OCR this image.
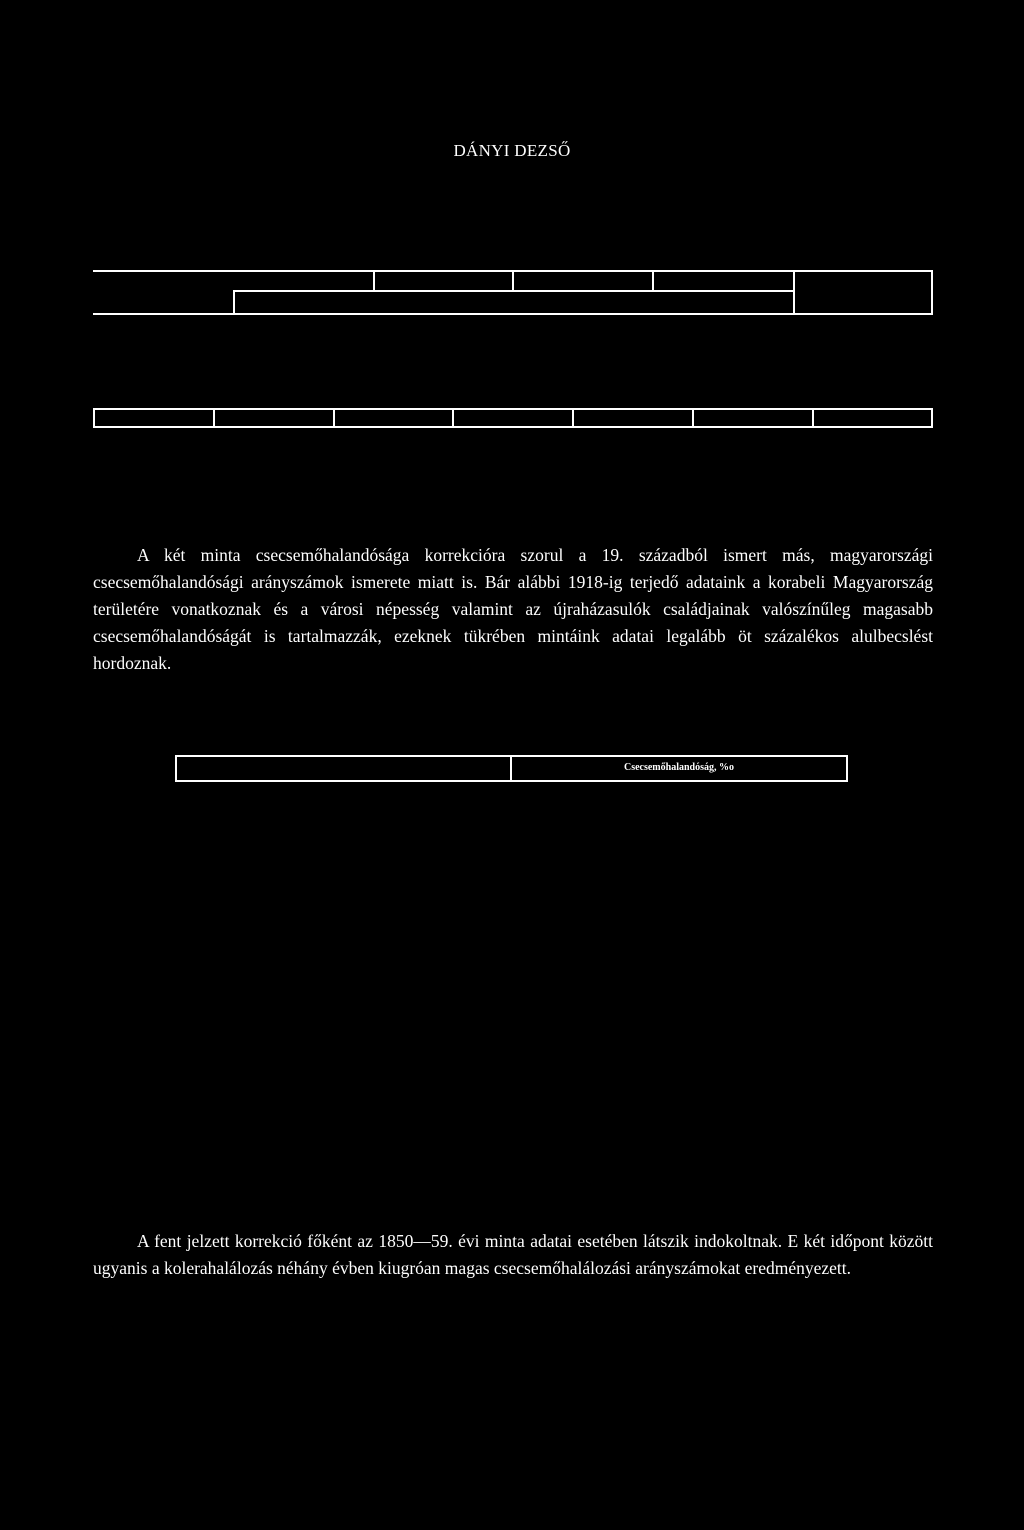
DÁNYI DEZSŐ

A két minta csecsemőhalandósága korrekcióra szorul a 19. századból ismert más, magyarországi csecsemőhalandósági arányszámok ismerete miatt is. Bár alábbi 1918-ig terjedő adataink a korabeli Magyarország területére vonatkoznak és a városi népesség valamint az újraházasulók családjainak valószínűleg magasabb csecsemőhalandóságát is tartalmazzák, ezeknek tükrében mintáink adatai legalább öt százalékos alulbecslést hordoznak.

Csecsemőhalandóság, %o

A fent jelzett korrekció főként az 1850—59. évi minta adatai esetében látszik indokoltnak. E két időpont között ugyanis a kolerahalálozás néhány évben kiugróan magas csecsemőhalálozási arányszámokat eredményezett.
